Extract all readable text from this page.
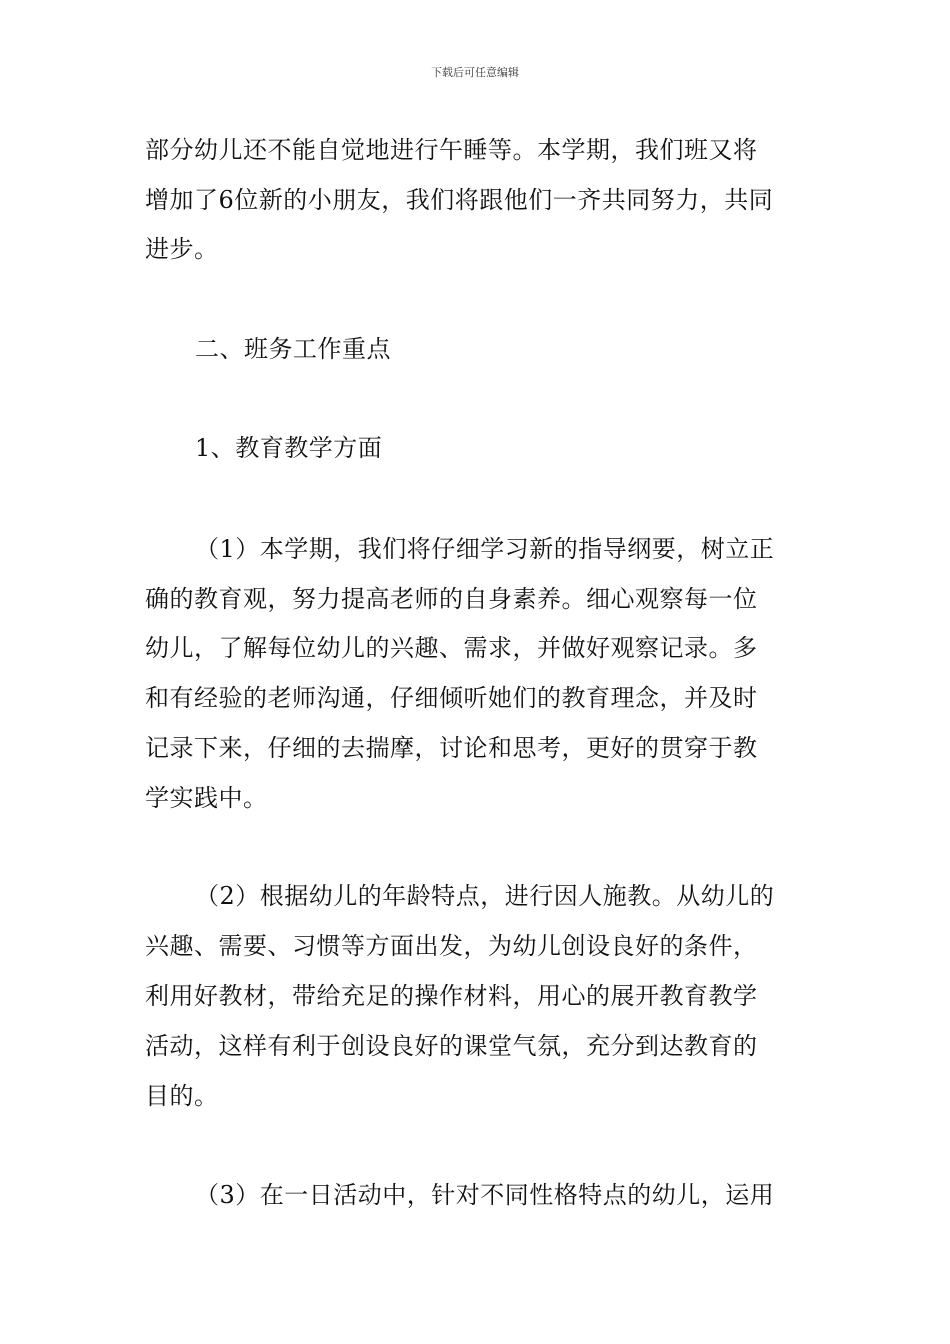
下载后可任意编辑
部分幼儿还不能自觉地进行午睡等。本学期，我们班又将
增加了6位新的小朋友，我们将跟他们一齐共同努力，共同
进步。
二、班务工作重点
1、教育教学方面
（1）本学期，我们将仔细学习新的指导纲要，树立正
确的教育观，努力提高老师的自身素养。细心观察每一位
幼儿，了解每位幼儿的兴趣、需求，并做好观察记录。多
和有经验的老师沟通，仔细倾听她们的教育理念，并及时
记录下来，仔细的去揣摩，讨论和思考，更好的贯穿于教
学实践中。
（2）根据幼儿的年龄特点，进行因人施教。从幼儿的
兴趣、需要、习惯等方面出发，为幼儿创设良好的条件，
利用好教材，带给充足的操作材料，用心的展开教育教学
活动，这样有利于创设良好的课堂气氛，充分到达教育的
目的。
（3）在一日活动中，针对不同性格特点的幼儿，运用
